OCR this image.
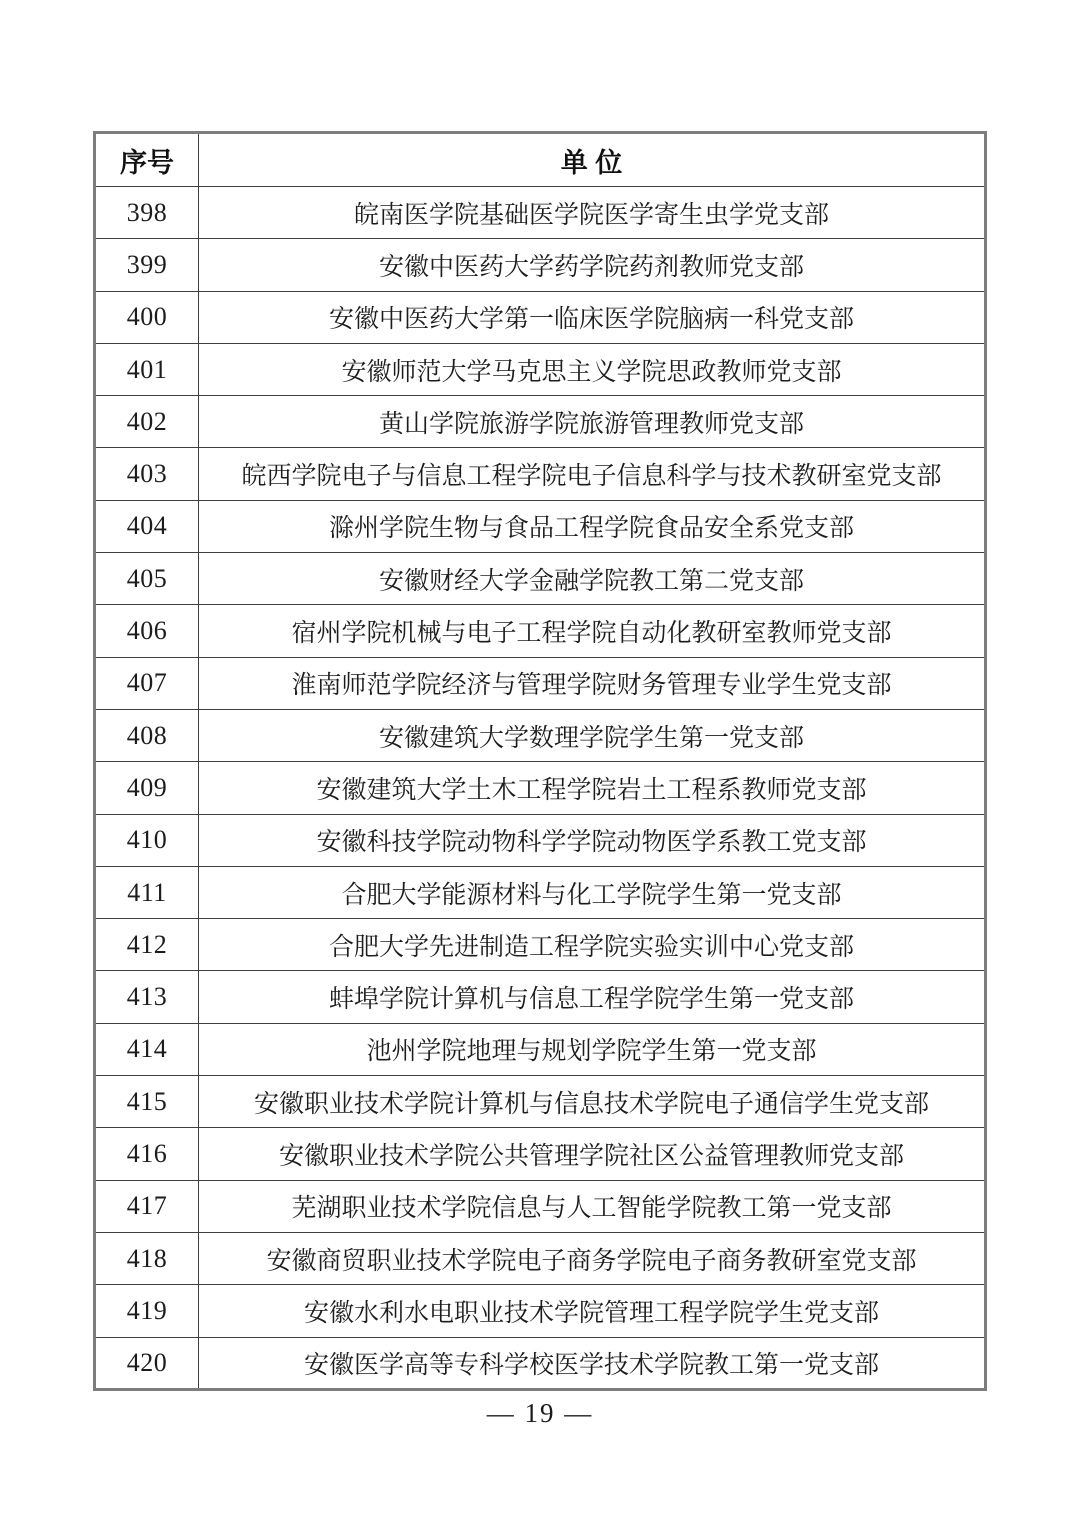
序号	单 位
398	皖南医学院基础医学院医学寄生虫学党支部
399	安徽中医药大学药学院药剂教师党支部
400	安徽中医药大学第一临床医学院脑病一科党支部
401	安徽师范大学马克思主义学院思政教师党支部
402	黄山学院旅游学院旅游管理教师党支部
403	皖西学院电子与信息工程学院电子信息科学与技术教研室党支部
404	滁州学院生物与食品工程学院食品安全系党支部
405	安徽财经大学金融学院教工第二党支部
406	宿州学院机械与电子工程学院自动化教研室教师党支部
407	淮南师范学院经济与管理学院财务管理专业学生党支部
408	安徽建筑大学数理学院学生第一党支部
409	安徽建筑大学土木工程学院岩土工程系教师党支部
410	安徽科技学院动物科学学院动物医学系教工党支部
411	合肥大学能源材料与化工学院学生第一党支部
412	合肥大学先进制造工程学院实验实训中心党支部
413	蚌埠学院计算机与信息工程学院学生第一党支部
414	池州学院地理与规划学院学生第一党支部
415	安徽职业技术学院计算机与信息技术学院电子通信学生党支部
416	安徽职业技术学院公共管理学院社区公益管理教师党支部
417	芜湖职业技术学院信息与人工智能学院教工第一党支部
418	安徽商贸职业技术学院电子商务学院电子商务教研室党支部
419	安徽水利水电职业技术学院管理工程学院学生党支部
420	安徽医学高等专科学校医学技术学院教工第一党支部
— 19 —
